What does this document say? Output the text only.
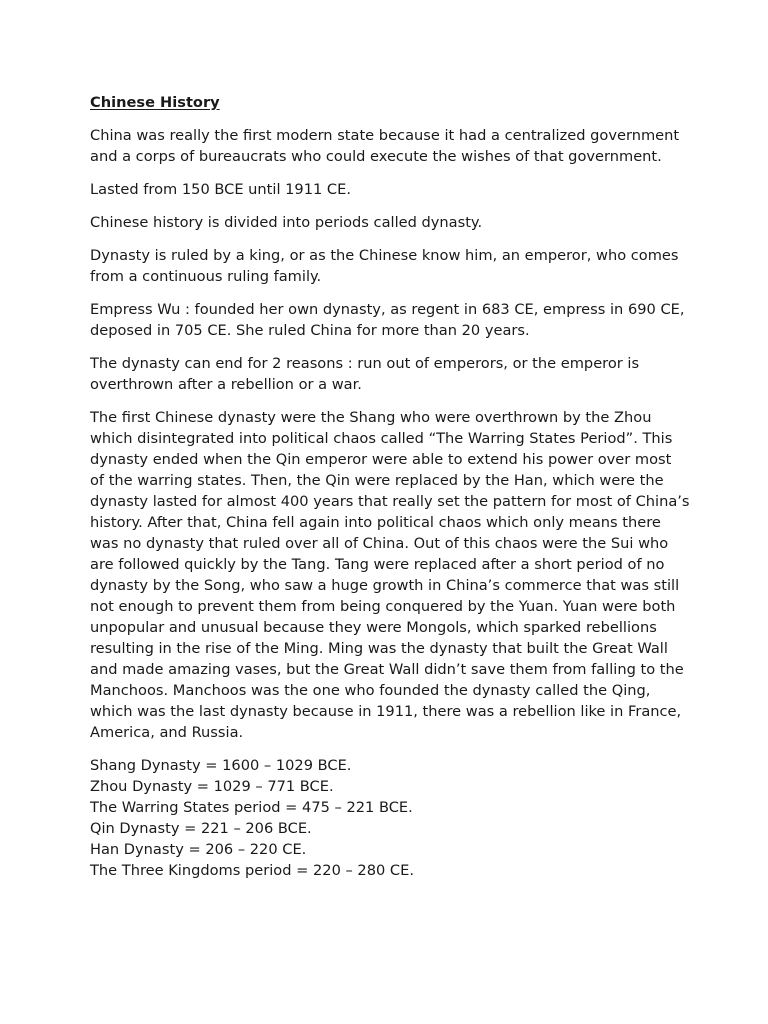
Chinese History

China was really the first modern state because it had a centralized government and a corps of bureaucrats who could execute the wishes of that government.

Lasted from 150 BCE until 1911 CE.

Chinese history is divided into periods called dynasty.

Dynasty is ruled by a king, or as the Chinese know him, an emperor, who comes from a continuous ruling family.

Empress Wu : founded her own dynasty, as regent in 683 CE, empress in 690 CE, deposed in 705 CE. She ruled China for more than 20 years.

The dynasty can end for 2 reasons : run out of emperors, or the emperor is overthrown after a rebellion or a war.

The first Chinese dynasty were the Shang who were overthrown by the Zhou which disintegrated into political chaos called “The Warring States Period”. This dynasty ended when the Qin emperor were able to extend his power over most of the warring states. Then, the Qin were replaced by the Han, which were the dynasty lasted for almost 400 years that really set the pattern for most of China’s history. After that, China fell again into political chaos which only means there was no dynasty that ruled over all of China. Out of this chaos were the Sui who are followed quickly by the Tang. Tang were replaced after a short period of no dynasty by the Song, who saw a huge growth in China’s commerce that was still not enough to prevent them from being conquered by the Yuan. Yuan were both unpopular and unusual because they were Mongols, which sparked rebellions resulting in the rise of the Ming. Ming was the dynasty that built the Great Wall and made amazing vases, but the Great Wall didn’t save them from falling to the Manchoos. Manchoos was the one who founded the dynasty called the Qing, which was the last dynasty because in 1911, there was a rebellion like in France, America, and Russia.

Shang Dynasty = 1600 – 1029 BCE.
Zhou Dynasty = 1029 – 771 BCE.
The Warring States period = 475 – 221 BCE.
Qin Dynasty = 221 – 206 BCE.
Han Dynasty = 206 – 220 CE.
The Three Kingdoms period = 220 – 280 CE.
